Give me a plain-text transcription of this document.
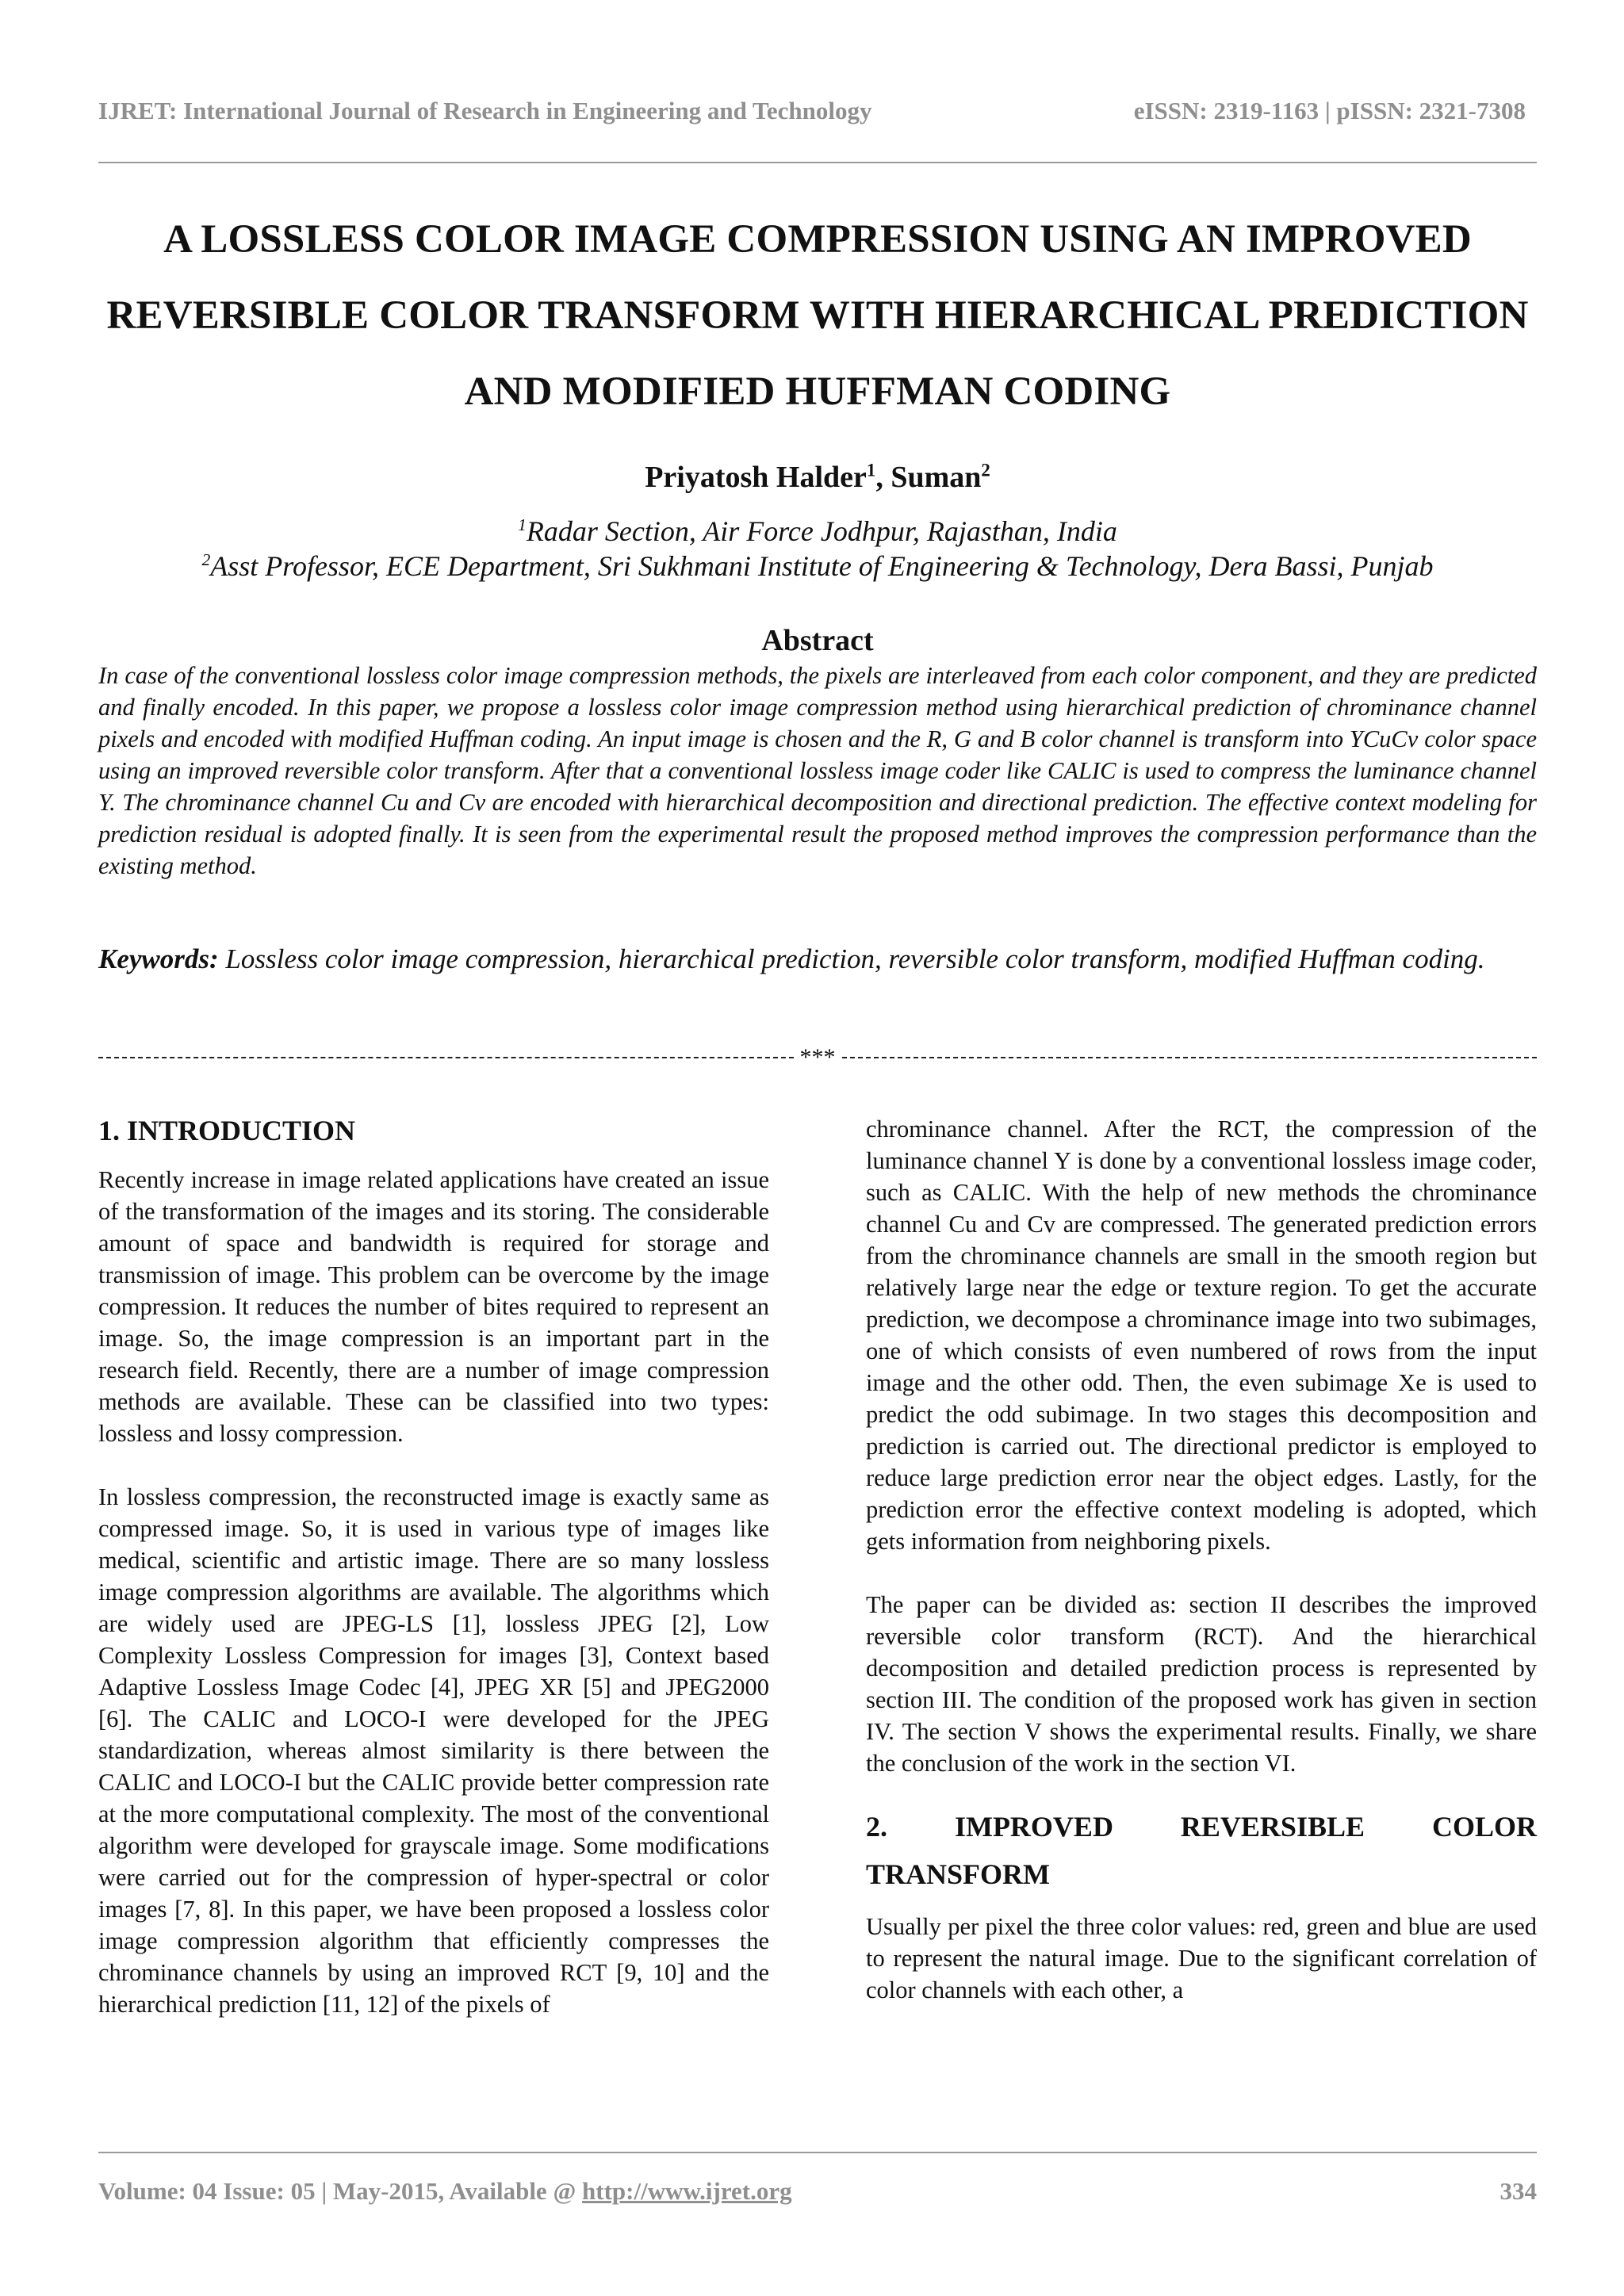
IJRET: International Journal of Research in Engineering and Technology	eISSN: 2319-1163 | pISSN: 2321-7308
A LOSSLESS COLOR IMAGE COMPRESSION USING AN IMPROVED REVERSIBLE COLOR TRANSFORM WITH HIERARCHICAL PREDICTION AND MODIFIED HUFFMAN CODING
Priyatosh Halder$^1$, Suman$^2$
$^1$Radar Section, Air Force Jodhpur, Rajasthan, India
$^2$Asst Professor, ECE Department, Sri Sukhmani Institute of Engineering & Technology, Dera Bassi, Punjab
Abstract
In case of the conventional lossless color image compression methods, the pixels are interleaved from each color component, and they are predicted and finally encoded. In this paper, we propose a lossless color image compression method using hierarchical prediction of chrominance channel pixels and encoded with modified Huffman coding. An input image is chosen and the R, G and B color channel is transform into YCuCv color space using an improved reversible color transform. After that a conventional lossless image coder like CALIC is used to compress the luminance channel Y. The chrominance channel Cu and Cv are encoded with hierarchical decomposition and directional prediction. The effective context modeling for prediction residual is adopted finally. It is seen from the experimental result the proposed method improves the compression performance than the existing method.
Keywords: Lossless color image compression, hierarchical prediction, reversible color transform, modified Huffman coding.
***
1. INTRODUCTION

Recently increase in image related applications have created an issue of the transformation of the images and its storing. The considerable amount of space and bandwidth is required for storage and transmission of image. This problem can be overcome by the image compression. It reduces the number of bites required to represent an image. So, the image compression is an important part in the research field. Recently, there are a number of image compression methods are available. These can be classified into two types: lossless and lossy compression.

In lossless compression, the reconstructed image is exactly same as compressed image. So, it is used in various type of images like medical, scientific and artistic image. There are so many lossless image compression algorithms are available. The algorithms which are widely used are JPEG-LS [1], lossless JPEG [2], Low Complexity Lossless Compression for images [3], Context based Adaptive Lossless Image Codec [4], JPEG XR [5] and JPEG2000 [6]. The CALIC and LOCO-I were developed for the JPEG standardization, whereas almost similarity is there between the CALIC and LOCO-I but the CALIC provide better compression rate at the more computational complexity. The most of the conventional algorithm were developed for grayscale image. Some modifications were carried out for the compression of hyper-spectral or color images [7, 8]. In this paper, we have been proposed a lossless color image compression algorithm that efficiently compresses the chrominance channels by using an improved RCT [9, 10] and the hierarchical prediction [11, 12] of the pixels of

chrominance channel. After the RCT, the compression of the luminance channel Y is done by a conventional lossless image coder, such as CALIC. With the help of new methods the chrominance channel Cu and Cv are compressed. The generated prediction errors from the chrominance channels are small in the smooth region but relatively large near the edge or texture region. To get the accurate prediction, we decompose a chrominance image into two subimages, one of which consists of even numbered of rows from the input image and the other odd. Then, the even subimage Xe is used to predict the odd subimage. In two stages this decomposition and prediction is carried out. The directional predictor is employed to reduce large prediction error near the object edges. Lastly, for the prediction error the effective context modeling is adopted, which gets information from neighboring pixels.

The paper can be divided as: section II describes the improved reversible color transform (RCT). And the hierarchical decomposition and detailed prediction process is represented by section III. The condition of the proposed work has given in section IV. The section V shows the experimental results. Finally, we share the conclusion of the work in the section VI.

2. IMPROVED REVERSIBLE COLOR
TRANSFORM

Usually per pixel the three color values: red, green and blue are used to represent the natural image. Due to the significant correlation of color channels with each other, a

Volume: 04 Issue: 05 | May-2015, Available @ http://www.ijret.org	334
